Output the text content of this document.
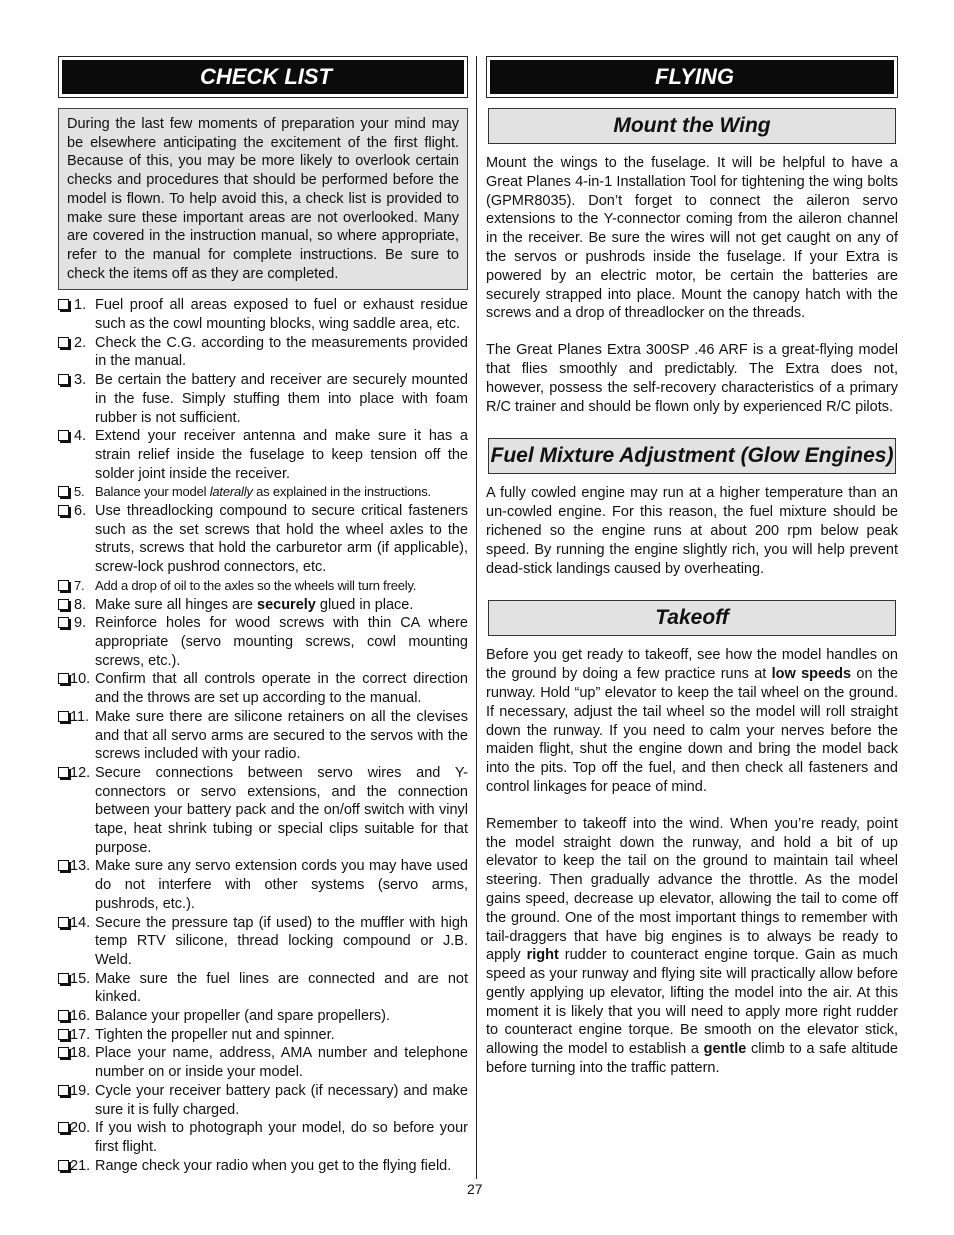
CHECK LIST
During the last few moments of preparation your mind may be elsewhere anticipating the excitement of the first flight. Because of this, you may be more likely to overlook certain checks and procedures that should be performed before the model is flown. To help avoid this, a check list is provided to make sure these important areas are not overlooked. Many are covered in the instruction manual, so where appropriate, refer to the manual for complete instructions. Be sure to check the items off as they are completed.
1. Fuel proof all areas exposed to fuel or exhaust residue such as the cowl mounting blocks, wing saddle area, etc.
2. Check the C.G. according to the measurements provided in the manual.
3. Be certain the battery and receiver are securely mounted in the fuse. Simply stuffing them into place with foam rubber is not sufficient.
4. Extend your receiver antenna and make sure it has a strain relief inside the fuselage to keep tension off the solder joint inside the receiver.
5. Balance your model laterally as explained in the instructions.
6. Use threadlocking compound to secure critical fasteners such as the set screws that hold the wheel axles to the struts, screws that hold the carburetor arm (if applicable), screw-lock pushrod connectors, etc.
7. Add a drop of oil to the axles so the wheels will turn freely.
8. Make sure all hinges are securely glued in place.
9. Reinforce holes for wood screws with thin CA where appropriate (servo mounting screws, cowl mounting screws, etc.).
10. Confirm that all controls operate in the correct direction and the throws are set up according to the manual.
11. Make sure there are silicone retainers on all the clevises and that all servo arms are secured to the servos with the screws included with your radio.
12. Secure connections between servo wires and Y-connectors or servo extensions, and the connection between your battery pack and the on/off switch with vinyl tape, heat shrink tubing or special clips suitable for that purpose.
13. Make sure any servo extension cords you may have used do not interfere with other systems (servo arms, pushrods, etc.).
14. Secure the pressure tap (if used) to the muffler with high temp RTV silicone, thread locking compound or J.B. Weld.
15. Make sure the fuel lines are connected and are not kinked.
16. Balance your propeller (and spare propellers).
17. Tighten the propeller nut and spinner.
18. Place your name, address, AMA number and telephone number on or inside your model.
19. Cycle your receiver battery pack (if necessary) and make sure it is fully charged.
20. If you wish to photograph your model, do so before your first flight.
21. Range check your radio when you get to the flying field.
FLYING
Mount the Wing

Mount the wings to the fuselage. It will be helpful to have a Great Planes 4-in-1 Installation Tool for tightening the wing bolts (GPMR8035). Don’t forget to connect the aileron servo extensions to the Y-connector coming from the aileron channel in the receiver. Be sure the wires will not get caught on any of the servos or pushrods inside the fuselage. If your Extra is powered by an electric motor, be certain the batteries are securely strapped into place. Mount the canopy hatch with the screws and a drop of threadlocker on the threads.

The Great Planes Extra 300SP .46 ARF is a great-flying model that flies smoothly and predictably. The Extra does not, however, possess the self-recovery characteristics of a primary R/C trainer and should be flown only by experienced R/C pilots.

Fuel Mixture Adjustment (Glow Engines)

A fully cowled engine may run at a higher temperature than an un-cowled engine. For this reason, the fuel mixture should be richened so the engine runs at about 200 rpm below peak speed. By running the engine slightly rich, you will help prevent dead-stick landings caused by overheating.

Takeoff

Before you get ready to takeoff, see how the model handles on the ground by doing a few practice runs at low speeds on the runway. Hold “up” elevator to keep the tail wheel on the ground. If necessary, adjust the tail wheel so the model will roll straight down the runway. If you need to calm your nerves before the maiden flight, shut the engine down and bring the model back into the pits. Top off the fuel, and then check all fasteners and control linkages for peace of mind.

Remember to takeoff into the wind. When you’re ready, point the model straight down the runway, and hold a bit of up elevator to keep the tail on the ground to maintain tail wheel steering. Then gradually advance the throttle. As the model gains speed, decrease up elevator, allowing the tail to come off the ground. One of the most important things to remember with tail-draggers that have big engines is to always be ready to apply right rudder to counteract engine torque. Gain as much speed as your runway and flying site will practically allow before gently applying up elevator, lifting the model into the air. At this moment it is likely that you will need to apply more right rudder to counteract engine torque. Be smooth on the elevator stick, allowing the model to establish a gentle climb to a safe altitude before turning into the traffic pattern.

27
